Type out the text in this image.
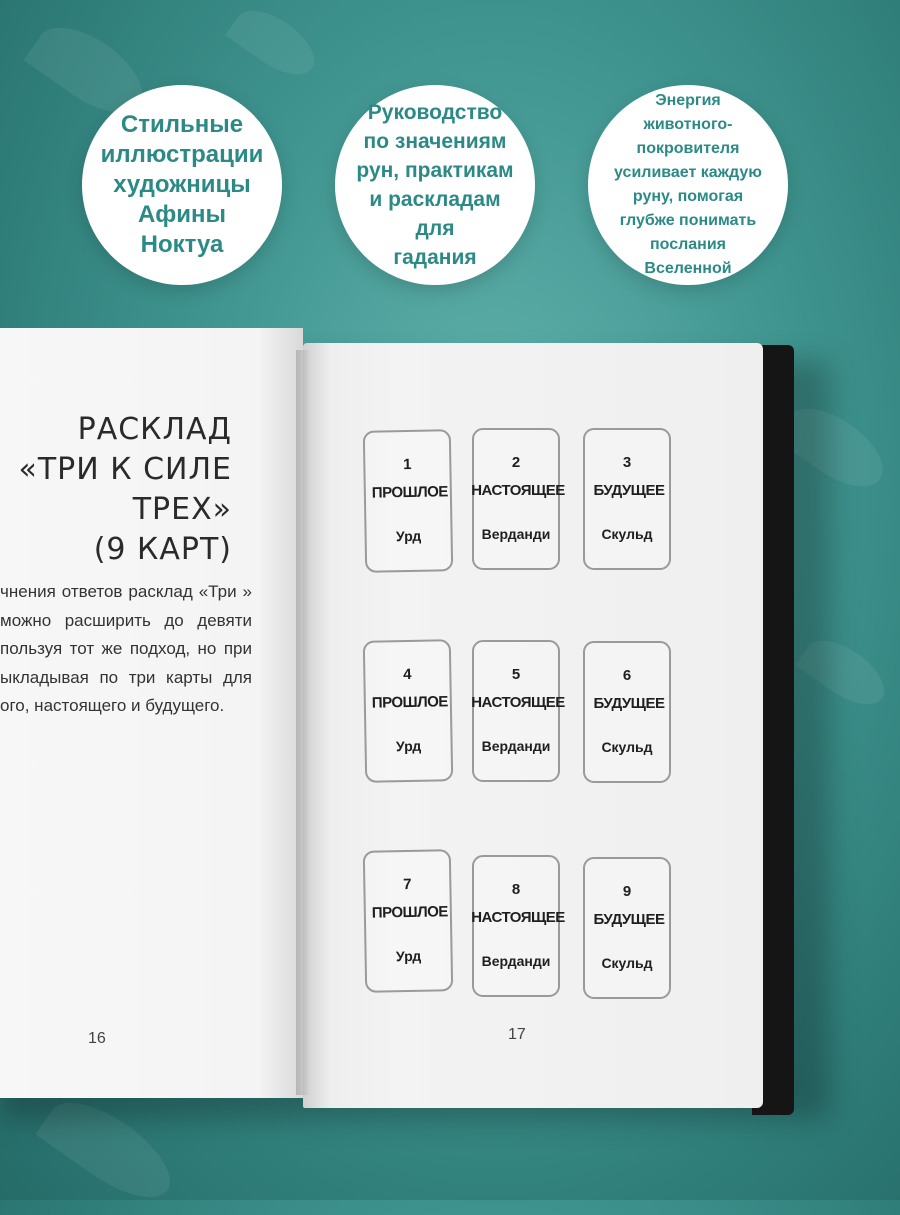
Стильные
иллюстрации
художницы
Афины
Ноктуа
Руководство
по значениям
рун, практикам
и раскладам для
гадания
Энергия
животного-
покровителя
усиливает каждую
руну, помогая
глубже понимать
послания
Вселенной
РАСКЛАД
«ТРИ К СИЛЕ ТРЕХ»
(9 КАРТ)
чнения ответов расклад «Три » можно расширить до девяти пользуя тот же подход, но при ыкладывая по три карты для ого, настоящего и будущего.
16
1
ПРОШЛОЕ
Урд
2
НАСТОЯЩЕЕ
Верданди
3
БУДУЩЕЕ
Скульд
4
ПРОШЛОЕ
Урд
5
НАСТОЯЩЕЕ
Верданди
6
БУДУЩЕЕ
Скульд
7
ПРОШЛОЕ
Урд
8
НАСТОЯЩЕЕ
Верданди
9
БУДУЩЕЕ
Скульд
17
